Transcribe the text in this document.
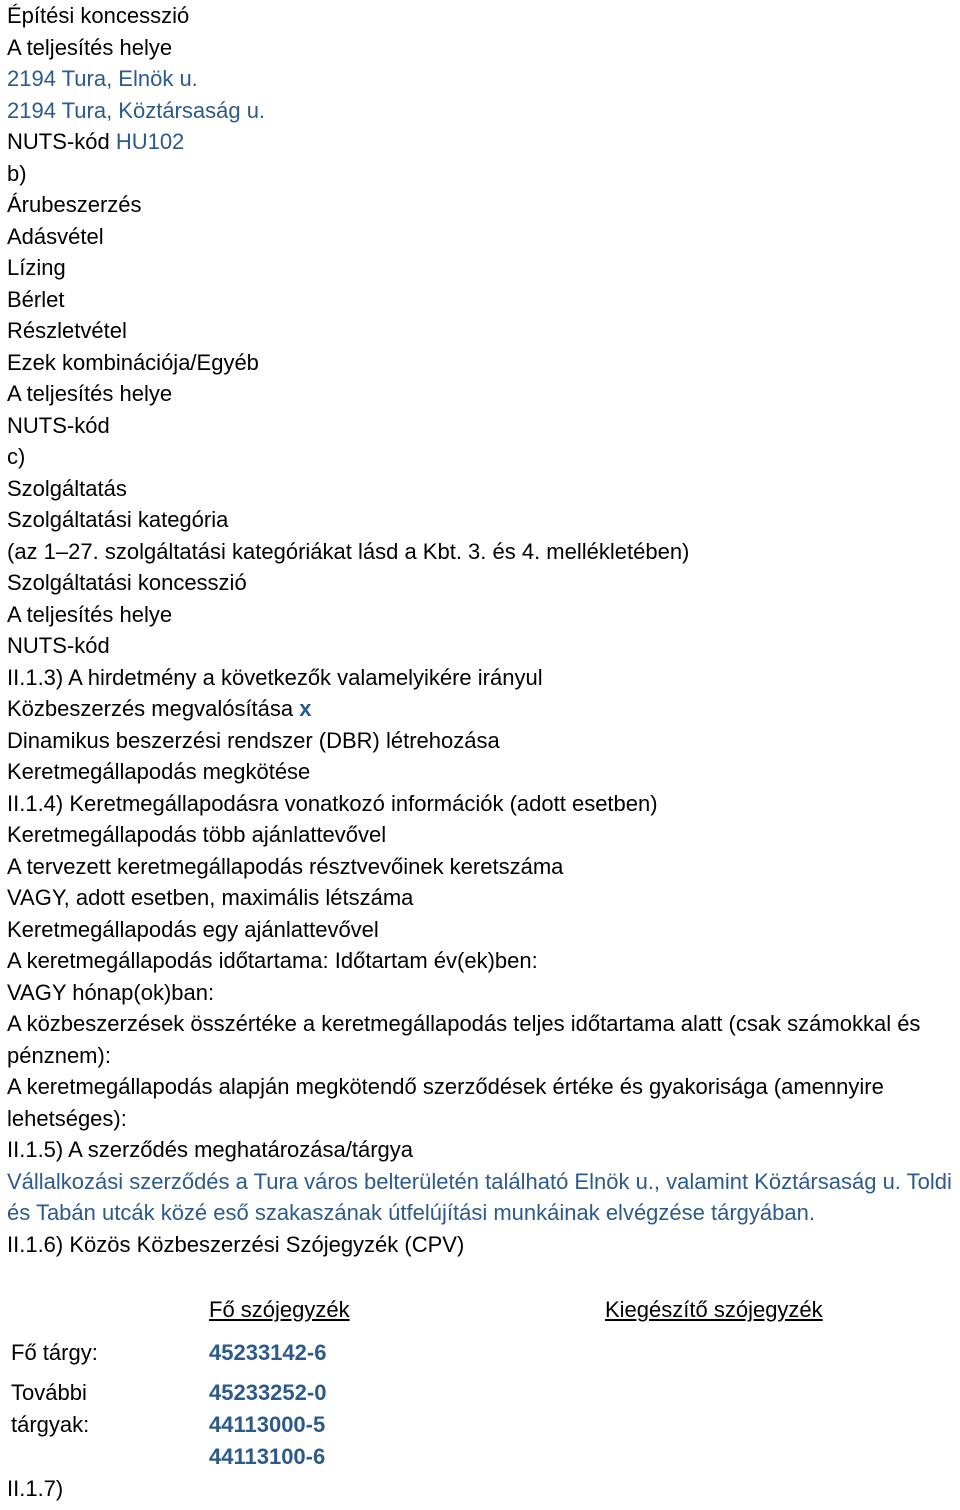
Építési koncesszió
A teljesítés helye
2194 Tura, Elnök u.
2194 Tura, Köztársaság u.
NUTS-kód HU102
b)
Árubeszerzés
Adásvétel
Lízing
Bérlet
Részletvétel
Ezek kombinációja/Egyéb
A teljesítés helye
NUTS-kód
c)
Szolgáltatás
Szolgáltatási kategória
(az 1–27. szolgáltatási kategóriákat lásd a Kbt. 3. és 4. mellékletében)
Szolgáltatási koncesszió
A teljesítés helye
NUTS-kód
II.1.3) A hirdetmény a következők valamelyikére irányul
Közbeszerzés megvalósítása x
Dinamikus beszerzési rendszer (DBR) létrehozása
Keretmegállapodás megkötése
II.1.4) Keretmegállapodásra vonatkozó információk (adott esetben)
Keretmegállapodás több ajánlattevővel
A tervezett keretmegállapodás résztvevőinek keretszáma
VAGY, adott esetben, maximális létszáma
Keretmegállapodás egy ajánlattevővel
A keretmegállapodás időtartama: Időtartam év(ek)ben:
VAGY hónap(ok)ban:
A közbeszerzések összértéke a keretmegállapodás teljes időtartama alatt (csak számokkal és pénznem):
A keretmegállapodás alapján megkötendő szerződések értéke és gyakorisága (amennyire lehetséges):
II.1.5) A szerződés meghatározása/tárgya
Vállalkozási szerződés a Tura város belterületén található Elnök u., valamint Köztársaság u. Toldi és Tabán utcák közé eső szakaszának útfelújítási munkáinak elvégzése tárgyában.
II.1.6) Közös Közbeszerzési Szójegyzék (CPV)
Fő szójegyzék	Kiegészítő szójegyzék
Fő tárgy:	45233142-6
További
tárgyak:
45233252-0
44113000-5
44113100-6
II.1.7)
